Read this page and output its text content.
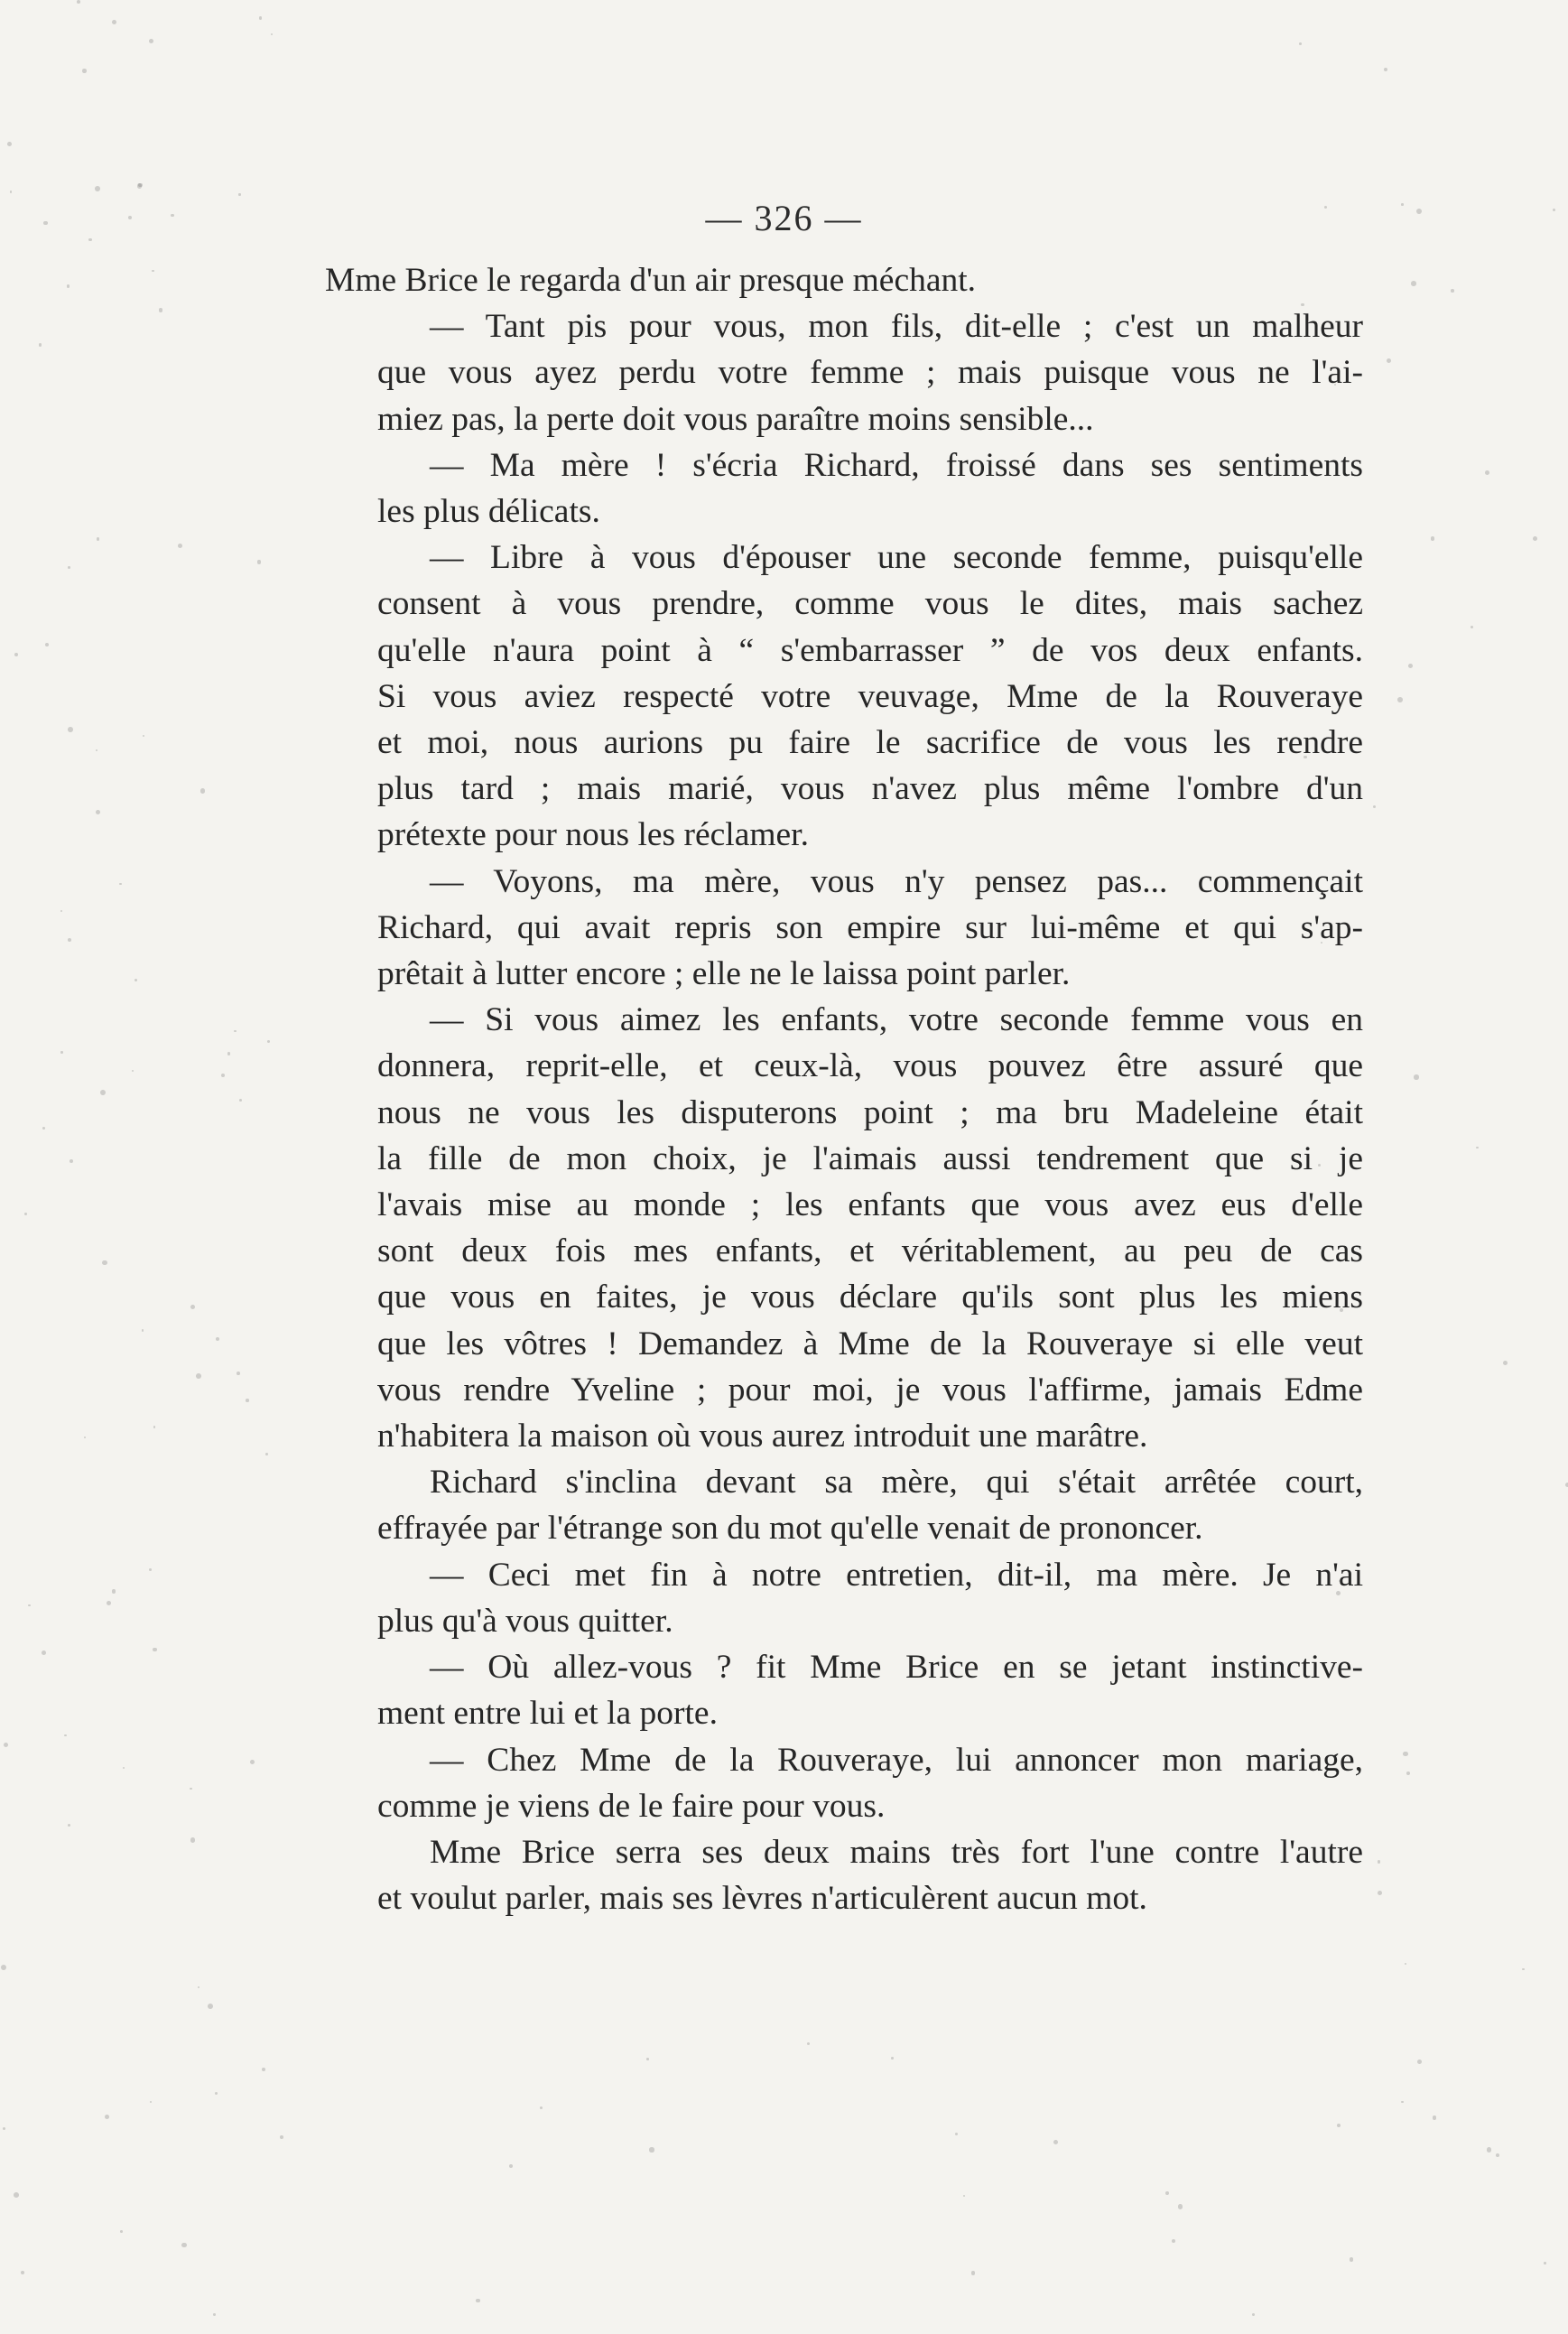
— 326 —
Mme Brice le regarda d'un air presque méchant.
— Tant pis pour vous, mon fils, dit-elle ; c'est un malheur
que vous ayez perdu votre femme ; mais puisque vous ne l'ai-
miez pas, la perte doit vous paraître moins sensible...
— Ma mère ! s'écria Richard, froissé dans ses sentiments
les plus délicats.
— Libre à vous d'épouser une seconde femme, puisqu'elle
consent à vous prendre, comme vous le dites, mais sachez
qu'elle n'aura point à “ s'embarrasser ” de vos deux enfants.
Si vous aviez respecté votre veuvage, Mme de la Rouveraye
et moi, nous aurions pu faire le sacrifice de vous les rendre
plus tard ; mais marié, vous n'avez plus même l'ombre d'un
prétexte pour nous les réclamer.
— Voyons, ma mère, vous n'y pensez pas... commençait
Richard, qui avait repris son empire sur lui-même et qui s'ap-
prêtait à lutter encore ; elle ne le laissa point parler.
— Si vous aimez les enfants, votre seconde femme vous en
donnera, reprit-elle, et ceux-là, vous pouvez être assuré que
nous ne vous les disputerons point ; ma bru Madeleine était
la fille de mon choix, je l'aimais aussi tendrement que si je
l'avais mise au monde ; les enfants que vous avez eus d'elle
sont deux fois mes enfants, et véritablement, au peu de cas
que vous en faites, je vous déclare qu'ils sont plus les miens
que les vôtres ! Demandez à Mme de la Rouveraye si elle veut
vous rendre Yveline ; pour moi, je vous l'affirme, jamais Edme
n'habitera la maison où vous aurez introduit une marâtre.
Richard s'inclina devant sa mère, qui s'était arrêtée court,
effrayée par l'étrange son du mot qu'elle venait de prononcer.
— Ceci met fin à notre entretien, dit-il, ma mère. Je n'ai
plus qu'à vous quitter.
— Où allez-vous ? fit Mme Brice en se jetant instinctive-
ment entre lui et la porte.
— Chez Mme de la Rouveraye, lui annoncer mon mariage,
comme je viens de le faire pour vous.
Mme Brice serra ses deux mains très fort l'une contre l'autre
et voulut parler, mais ses lèvres n'articulèrent aucun mot.
